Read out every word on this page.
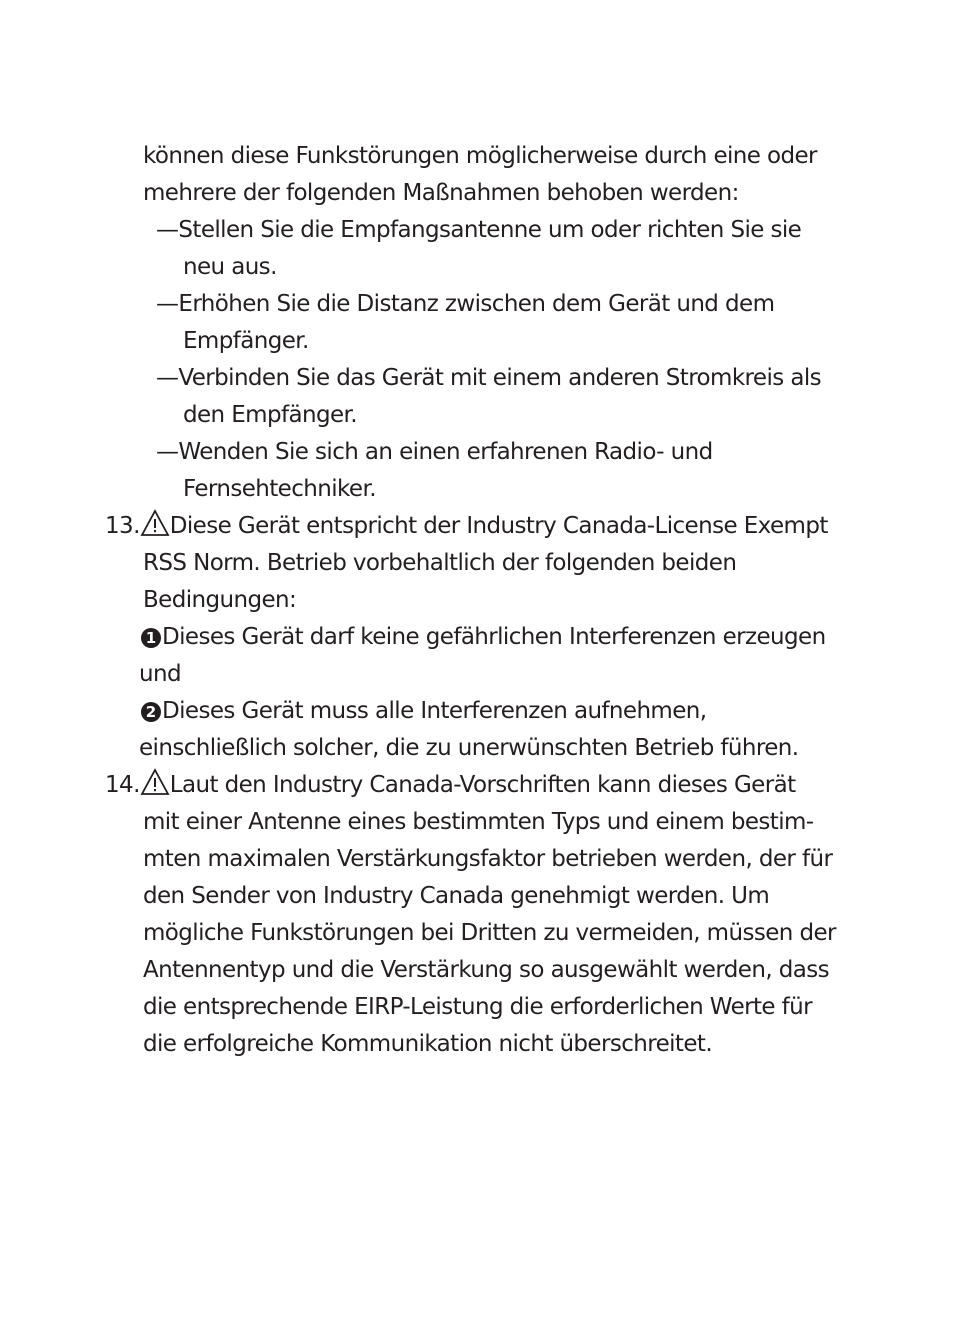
können diese Funkstörungen möglicherweise durch eine oder
mehrere der folgenden Maßnahmen behoben werden:
—Stellen Sie die Empfangsantenne um oder richten Sie sie
neu aus.
—Erhöhen Sie die Distanz zwischen dem Gerät und dem
Empfänger.
—Verbinden Sie das Gerät mit einem anderen Stromkreis als
den Empfänger.
—Wenden Sie sich an einen erfahrenen Radio- und
Fernsehtechniker.
13. Diese Gerät entspricht der Industry Canada-License Exempt
RSS Norm. Betrieb vorbehaltlich der folgenden beiden
Bedingungen:
1 Dieses Gerät darf keine gefährlichen Interferenzen erzeugen
und
2 Dieses Gerät muss alle Interferenzen aufnehmen,
einschließlich solcher, die zu unerwünschten Betrieb führen.
14. Laut den Industry Canada-Vorschriften kann dieses Gerät
mit einer Antenne eines bestimmten Typs und einem bestim-
mten maximalen Verstärkungsfaktor betrieben werden, der für
den Sender von Industry Canada genehmigt werden. Um
mögliche Funkstörungen bei Dritten zu vermeiden, müssen der
Antennentyp und die Verstärkung so ausgewählt werden, dass
die entsprechende EIRP-Leistung die erforderlichen Werte für
die erfolgreiche Kommunikation nicht überschreitet.
